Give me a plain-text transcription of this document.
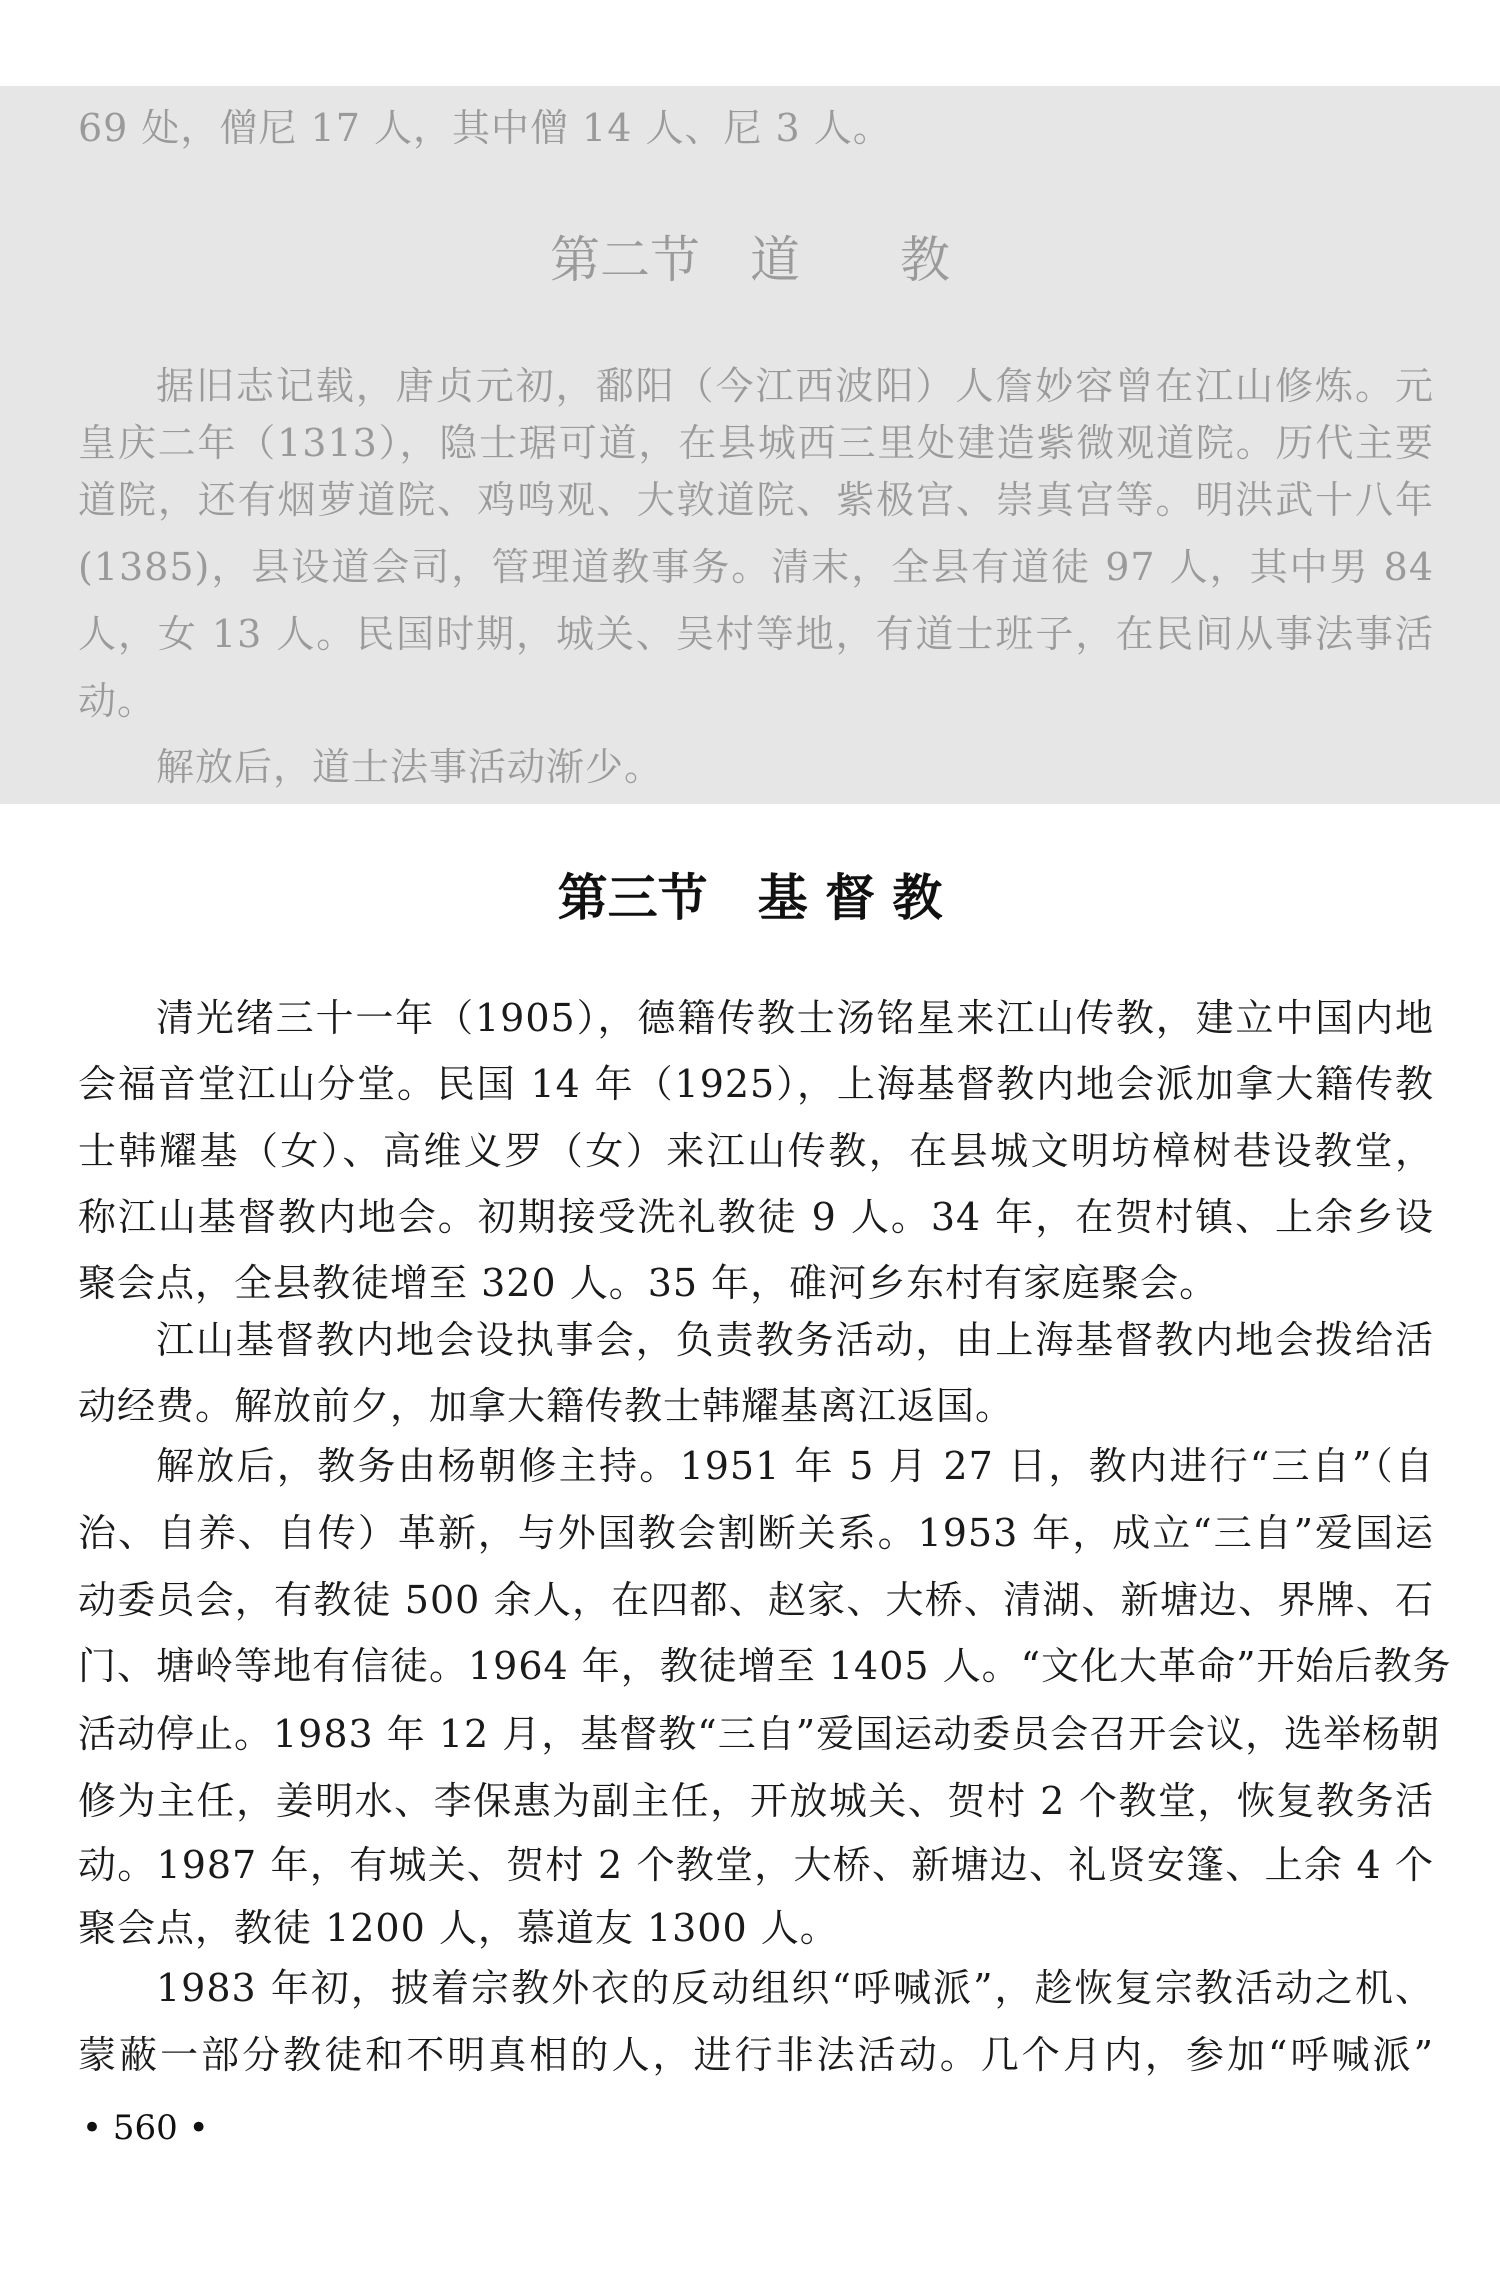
69 处，僧尼 17 人，其中僧 14 人、尼 3 人。
第二节　道　　教
据旧志记载，唐贞元初，鄱阳（今江西波阳）人詹妙容曾在江山修炼。元
皇庆二年（1313），隐士琚可道，在县城西三里处建造紫微观道院。历代主要
道院，还有烟萝道院、鸡鸣观、大敦道院、紫极宫、崇真宫等。明洪武十八年
(1385)，县设道会司，管理道教事务。清末，全县有道徒 97 人，其中男 84
人，女 13 人。民国时期，城关、吴村等地，有道士班子，在民间从事法事活
动。
解放后，道士法事活动渐少。
第三节　基 督 教
清光绪三十一年（1905），德籍传教士汤铭星来江山传教，建立中国内地
会福音堂江山分堂。民国 14 年（1925），上海基督教内地会派加拿大籍传教
士韩耀基（女）、高维义罗（女）来江山传教，在县城文明坊樟树巷设教堂，
称江山基督教内地会。初期接受洗礼教徒 9 人。34 年，在贺村镇、上余乡设
聚会点，全县教徒增至 320 人。35 年，碓河乡东村有家庭聚会。
江山基督教内地会设执事会，负责教务活动，由上海基督教内地会拨给活
动经费。解放前夕，加拿大籍传教士韩耀基离江返国。
解放后，教务由杨朝修主持。1951 年 5 月 27 日，教内进行“三自”（自
治、自养、自传）革新，与外国教会割断关系。1953 年，成立“三自”爱国运
动委员会，有教徒 500 余人，在四都、赵家、大桥、清湖、新塘边、界牌、石
门、塘岭等地有信徒。1964 年，教徒增至 1405 人。“文化大革命”开始后教务
活动停止。1983 年 12 月，基督教“三自”爱国运动委员会召开会议，选举杨朝
修为主任，姜明水、李保惠为副主任，开放城关、贺村 2 个教堂，恢复教务活
动。1987 年，有城关、贺村 2 个教堂，大桥、新塘边、礼贤安篷、上余 4 个
聚会点，教徒 1200 人，慕道友 1300 人。
1983 年初，披着宗教外衣的反动组织“呼喊派”，趁恢复宗教活动之机、
蒙蔽一部分教徒和不明真相的人，进行非法活动。几个月内，参加“呼喊派”
• 560 •
